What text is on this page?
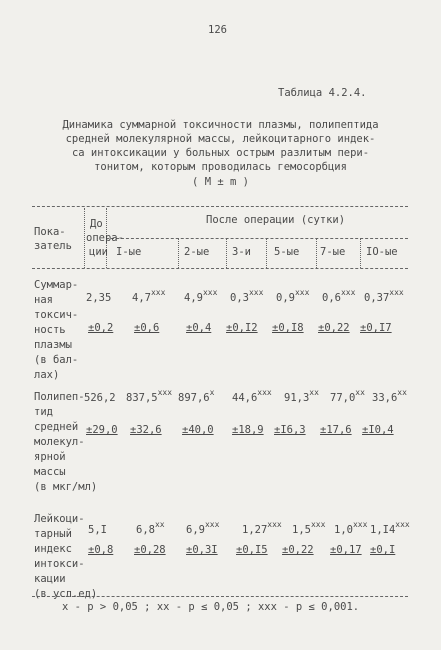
126
Таблица 4.2.4.
Динамика суммарной токсичности плазмы, полипептида
средней молекулярной массы, лейкоцитарного индек-
са интоксикации у больных острым разлитым пери-
тонитом, которым проводилась гемосорбция
( M ± m )
Пока-
затель
До
опера-
ции
После операции (сутки)
I-ые	2-ые 3-и 5-ые 7-ые IO-ые
Суммар-
ная
токсич-
ность
плазмы
(в бал-
лах)
2,35 $4,7^{ххх}$ $4,9^{ххх}$ $0,3^{ххх}$ $0,9^{ххх}$ $0,6^{ххх}$ $0,37^{ххх}$
±0,2 ±0,6	±0,4 ±0,I2 ±0,I8 ±0,22 ±0,I7
Полипеп-
тид
средней
молекул-
ярной
массы
(в мкг/мл)
526,2 $837,5^{ххх}$ $897,6^х$ $44,6^{ххх}$ $91,3^{хх}$ $77,0^{хх}$ $33,6^{хх}$
±29,0 ±32,6 ±40,0 ±18,9 ±I6,3 ±17,6 ±I0,4
Лейкоци-
тарный
индекс
интокси-
кации
(в усл.ед)
5,I	$6,8^{хх}$ $6,9^{ххх}$ $1,27^{ххх}$ $1,5^{ххх}$ $1,0^{ххх}$ $1,I4^{ххх}$
±0,8 ±0,28 ±0,3I ±0,I5 ±0,22 ±0,17 ±0,I
х - р > 0,05 ; хх - р ≤ 0,05 ; ххх - р ≤ 0,001.
